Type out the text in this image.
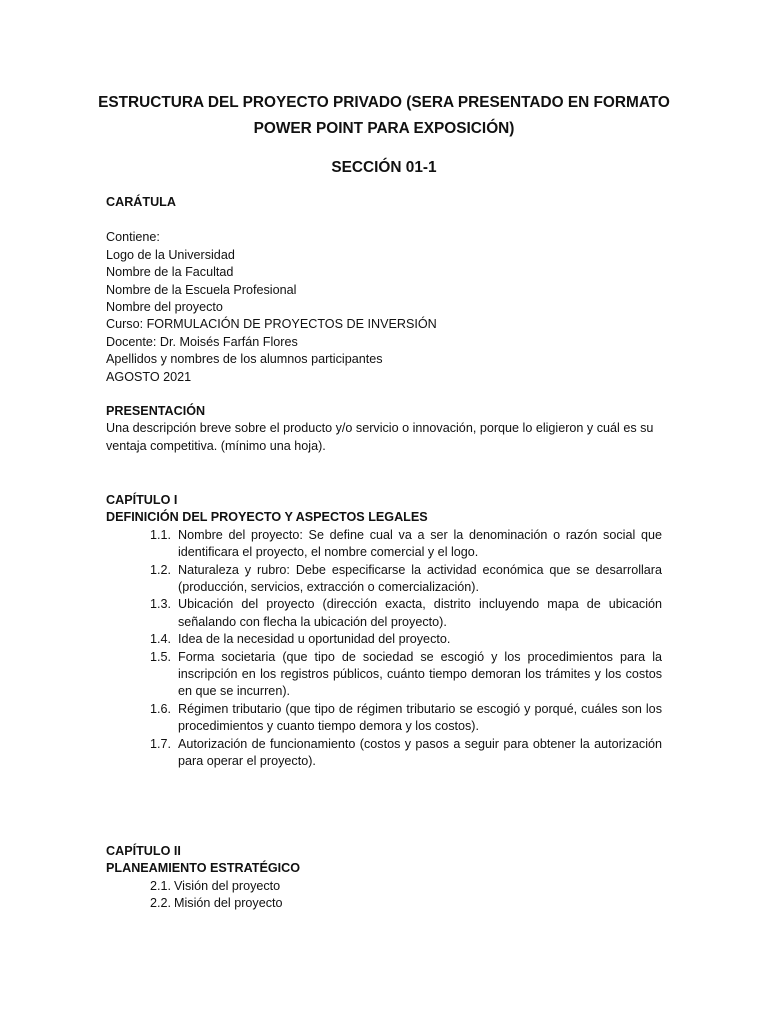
ESTRUCTURA DEL PROYECTO PRIVADO (SERA PRESENTADO EN FORMATO
POWER POINT PARA EXPOSICIÓN)
SECCIÓN 01-1

CARÁTULA

Contiene:

Logo de la Universidad

Nombre de la Facultad

Nombre de la Escuela Profesional

Nombre del proyecto

Curso: FORMULACIÓN DE PROYECTOS DE INVERSIÓN

Docente: Dr. Moisés Farfán Flores

Apellidos y nombres de los alumnos participantes

AGOSTO 2021

PRESENTACIÓN

Una descripción breve sobre el producto y/o servicio o innovación, porque lo eligieron y cuál es su ventaja competitiva. (mínimo una hoja).

CAPÍTULO I

DEFINICIÓN DEL PROYECTO Y ASPECTOS LEGALES

1.1. Nombre del proyecto: Se define cual va a ser la denominación o razón social que identificara el proyecto, el nombre comercial y el logo.
1.2. Naturaleza y rubro: Debe especificarse la actividad económica que se desarrollara (producción, servicios, extracción o comercialización).
1.3. Ubicación del proyecto (dirección exacta, distrito incluyendo mapa de ubicación señalando con flecha la ubicación del proyecto).
1.4. Idea de la necesidad u oportunidad del proyecto.
1.5. Forma societaria (que tipo de sociedad se escogió y los procedimientos para la inscripción en los registros públicos, cuánto tiempo demoran los trámites y los costos en que se incurren).
1.6. Régimen tributario (que tipo de régimen tributario se escogió y porqué, cuáles son los procedimientos y cuanto tiempo demora y los costos).
1.7. Autorización de funcionamiento (costos y pasos a seguir para obtener la autorización para operar el proyecto).

CAPÍTULO II

PLANEAMIENTO ESTRATÉGICO

2.1. Visión del proyecto
2.2. Misión del proyecto
